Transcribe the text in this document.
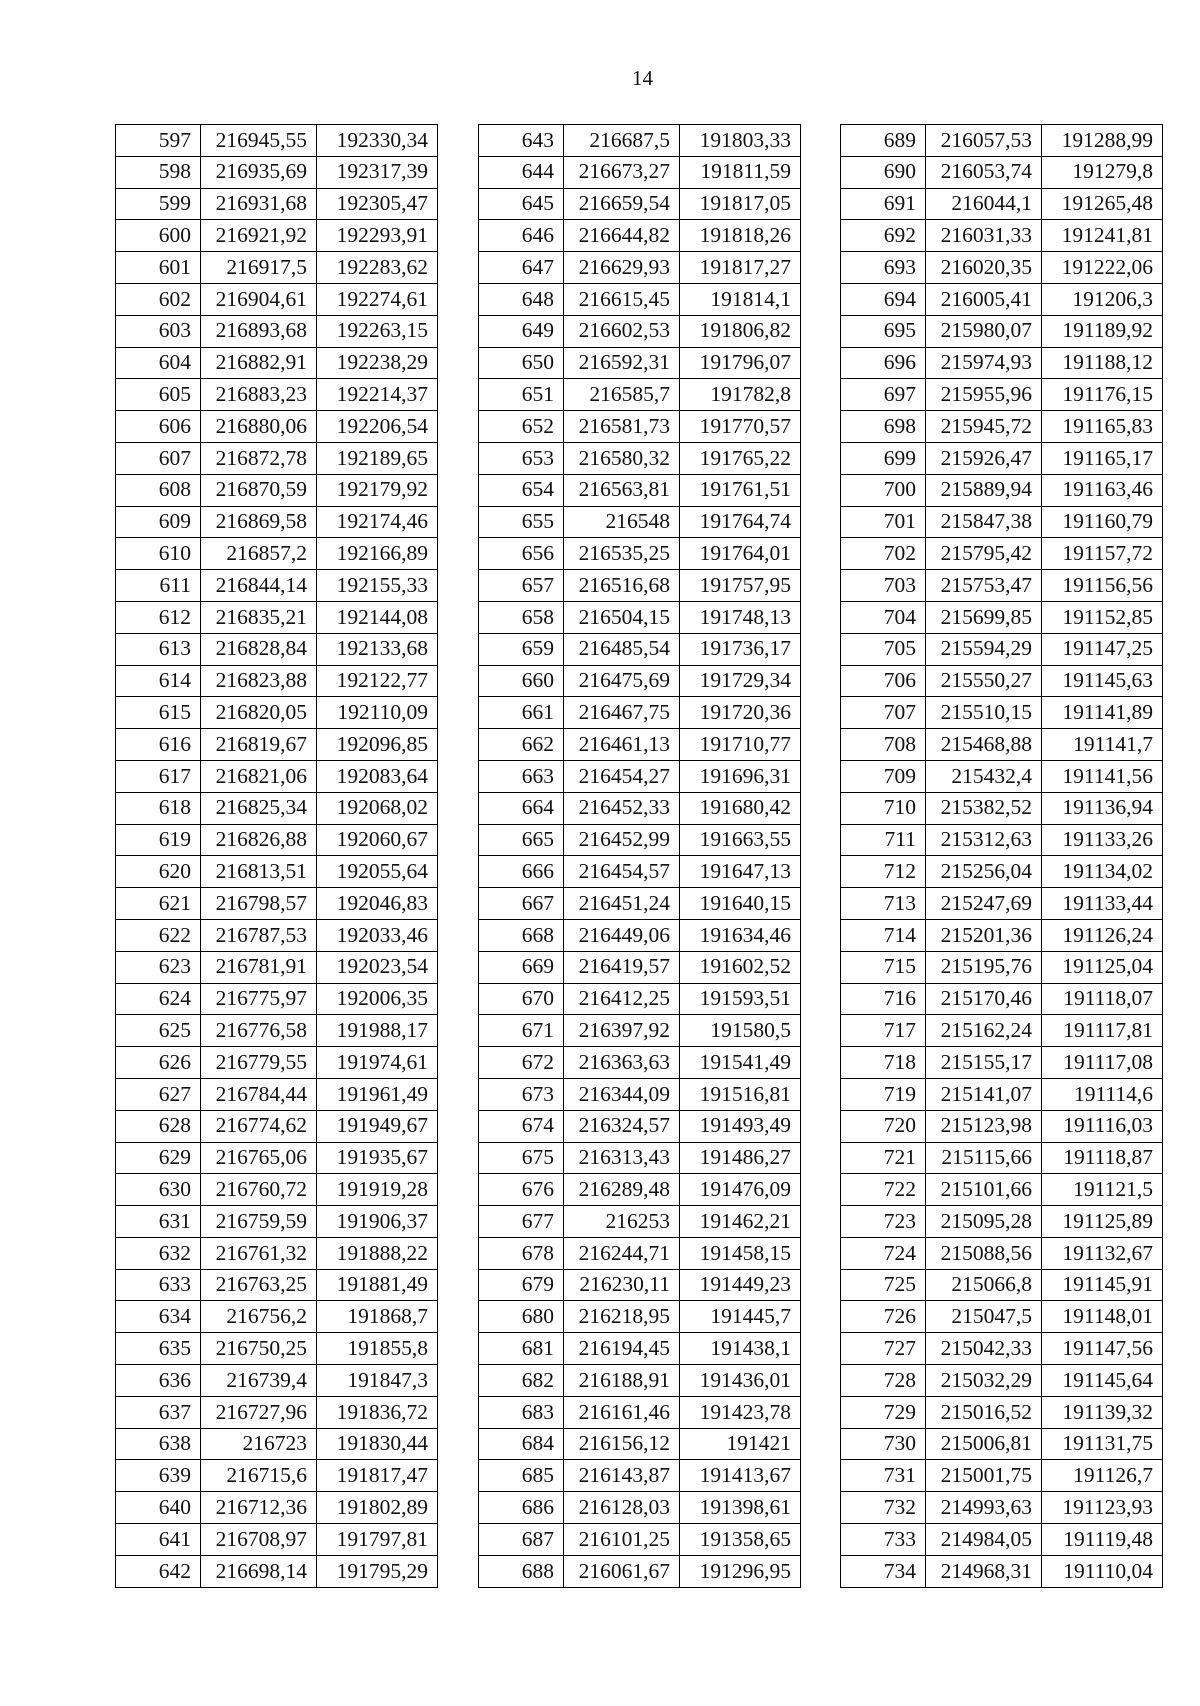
14
597	216945,55	192330,34
598	216935,69	192317,39
599	216931,68	192305,47
600	216921,92	192293,91
601	216917,5	192283,62
602	216904,61	192274,61
603	216893,68	192263,15
604	216882,91	192238,29
605	216883,23	192214,37
606	216880,06	192206,54
607	216872,78	192189,65
608	216870,59	192179,92
609	216869,58	192174,46
610	216857,2	192166,89
611	216844,14	192155,33
612	216835,21	192144,08
613	216828,84	192133,68
614	216823,88	192122,77
615	216820,05	192110,09
616	216819,67	192096,85
617	216821,06	192083,64
618	216825,34	192068,02
619	216826,88	192060,67
620	216813,51	192055,64
621	216798,57	192046,83
622	216787,53	192033,46
623	216781,91	192023,54
624	216775,97	192006,35
625	216776,58	191988,17
626	216779,55	191974,61
627	216784,44	191961,49
628	216774,62	191949,67
629	216765,06	191935,67
630	216760,72	191919,28
631	216759,59	191906,37
632	216761,32	191888,22
633	216763,25	191881,49
634	216756,2	191868,7
635	216750,25	191855,8
636	216739,4	191847,3
637	216727,96	191836,72
638	216723	191830,44
639	216715,6	191817,47
640	216712,36	191802,89
641	216708,97	191797,81
642	216698,14	191795,29
643	216687,5	191803,33
644	216673,27	191811,59
645	216659,54	191817,05
646	216644,82	191818,26
647	216629,93	191817,27
648	216615,45	191814,1
649	216602,53	191806,82
650	216592,31	191796,07
651	216585,7	191782,8
652	216581,73	191770,57
653	216580,32	191765,22
654	216563,81	191761,51
655	216548	191764,74
656	216535,25	191764,01
657	216516,68	191757,95
658	216504,15	191748,13
659	216485,54	191736,17
660	216475,69	191729,34
661	216467,75	191720,36
662	216461,13	191710,77
663	216454,27	191696,31
664	216452,33	191680,42
665	216452,99	191663,55
666	216454,57	191647,13
667	216451,24	191640,15
668	216449,06	191634,46
669	216419,57	191602,52
670	216412,25	191593,51
671	216397,92	191580,5
672	216363,63	191541,49
673	216344,09	191516,81
674	216324,57	191493,49
675	216313,43	191486,27
676	216289,48	191476,09
677	216253	191462,21
678	216244,71	191458,15
679	216230,11	191449,23
680	216218,95	191445,7
681	216194,45	191438,1
682	216188,91	191436,01
683	216161,46	191423,78
684	216156,12	191421
685	216143,87	191413,67
686	216128,03	191398,61
687	216101,25	191358,65
688	216061,67	191296,95
689	216057,53	191288,99
690	216053,74	191279,8
691	216044,1	191265,48
692	216031,33	191241,81
693	216020,35	191222,06
694	216005,41	191206,3
695	215980,07	191189,92
696	215974,93	191188,12
697	215955,96	191176,15
698	215945,72	191165,83
699	215926,47	191165,17
700	215889,94	191163,46
701	215847,38	191160,79
702	215795,42	191157,72
703	215753,47	191156,56
704	215699,85	191152,85
705	215594,29	191147,25
706	215550,27	191145,63
707	215510,15	191141,89
708	215468,88	191141,7
709	215432,4	191141,56
710	215382,52	191136,94
711	215312,63	191133,26
712	215256,04	191134,02
713	215247,69	191133,44
714	215201,36	191126,24
715	215195,76	191125,04
716	215170,46	191118,07
717	215162,24	191117,81
718	215155,17	191117,08
719	215141,07	191114,6
720	215123,98	191116,03
721	215115,66	191118,87
722	215101,66	191121,5
723	215095,28	191125,89
724	215088,56	191132,67
725	215066,8	191145,91
726	215047,5	191148,01
727	215042,33	191147,56
728	215032,29	191145,64
729	215016,52	191139,32
730	215006,81	191131,75
731	215001,75	191126,7
732	214993,63	191123,93
733	214984,05	191119,48
734	214968,31	191110,04
